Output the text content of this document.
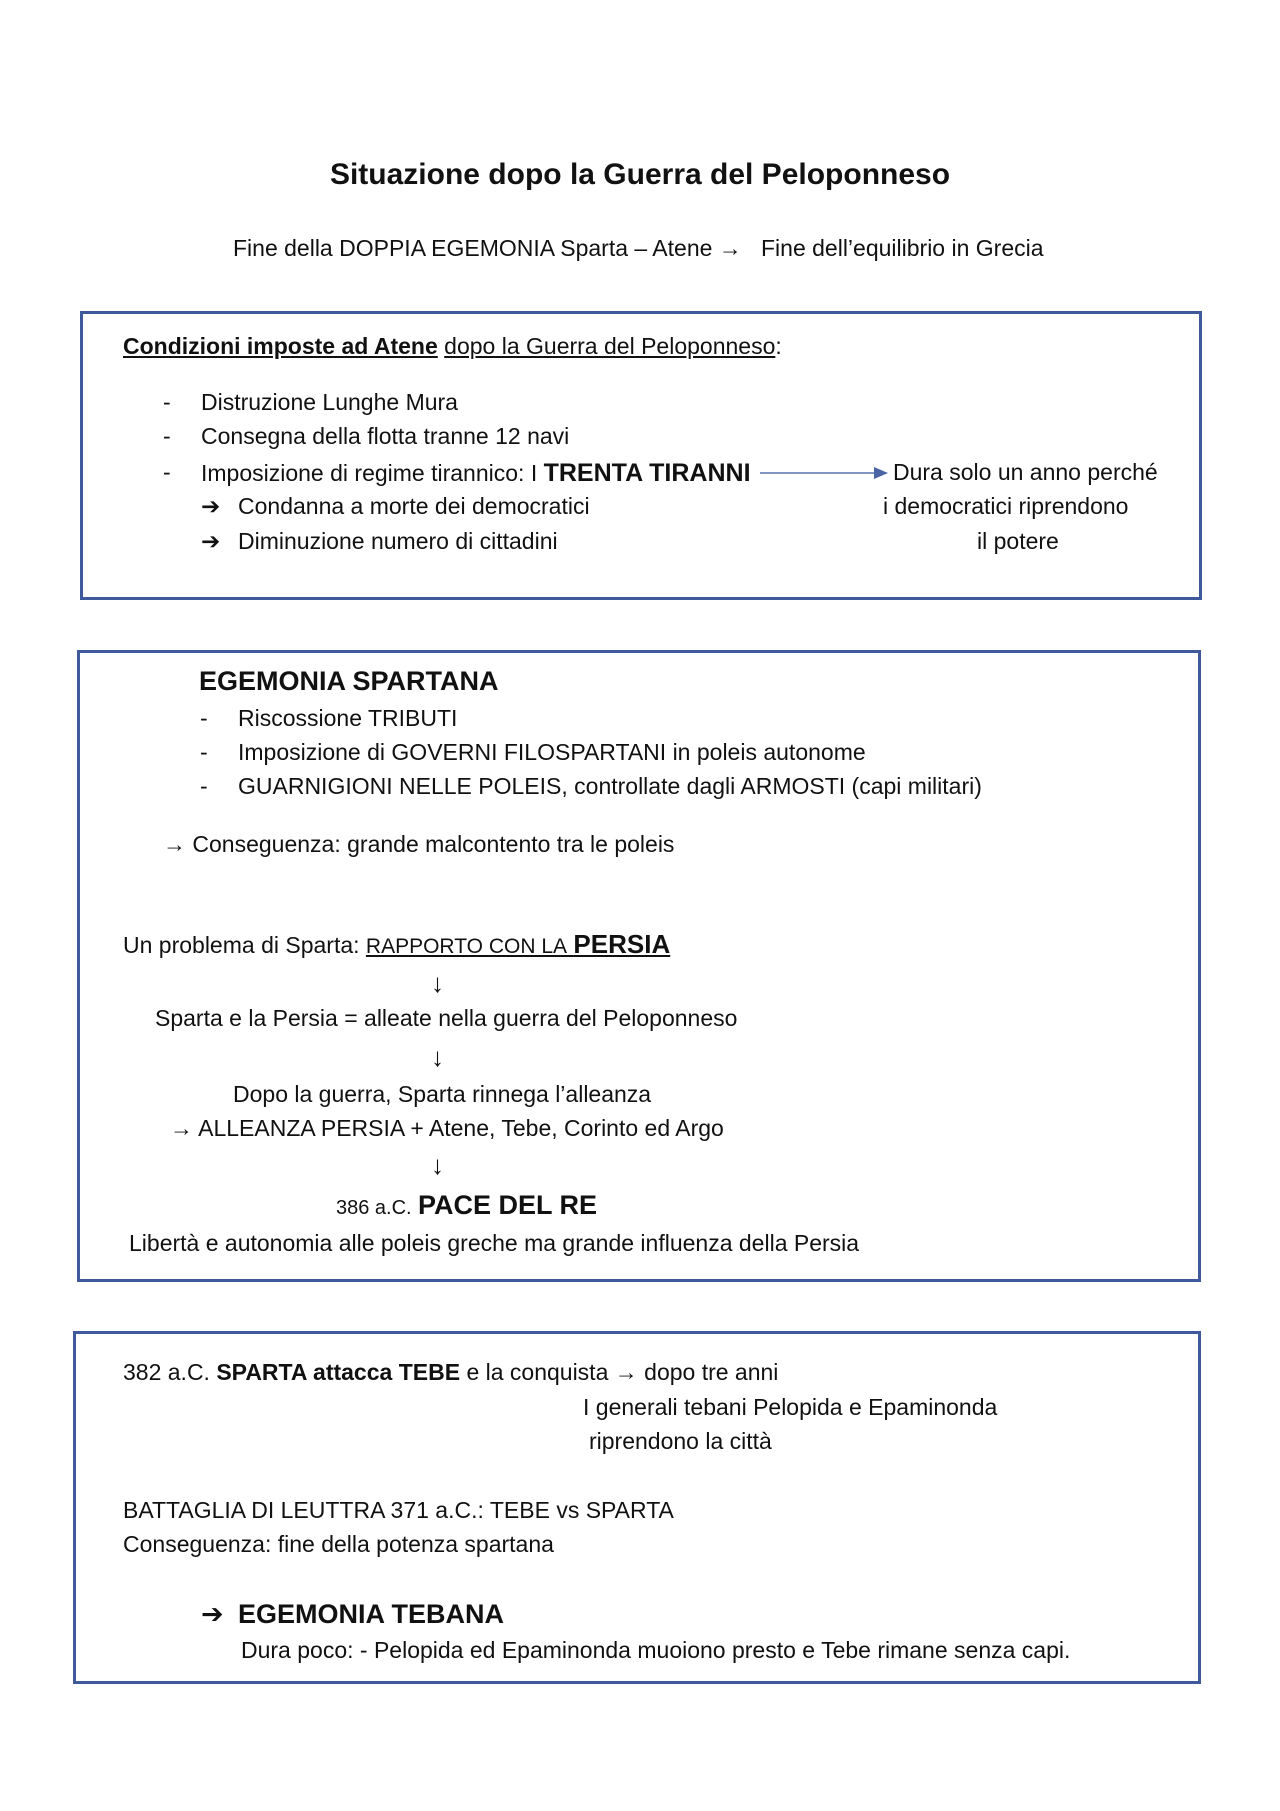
Situazione dopo la Guerra del Peloponneso
Fine della DOPPIA EGEMONIA Sparta – Atene → Fine dell’equilibrio in Grecia
Condizioni imposte ad Atene dopo la Guerra del Peloponneso:
- Distruzione Lunghe Mura
- Consegna della flotta tranne 12 navi
- Imposizione di regime tirannico: I TRENTA TIRANNI	Dura solo un anno perché
i democratici riprendono
il potere
➔ Condanna a morte dei democratici
➔ Diminuzione numero di cittadini
EGEMONIA SPARTANA
- Riscossione TRIBUTI
- Imposizione di GOVERNI FILOSPARTANI in poleis autonome
- GUARNIGIONI NELLE POLEIS, controllate dagli ARMOSTI (capi militari)
→ Conseguenza: grande malcontento tra le poleis
Un problema di Sparta: RAPPORTO CON LA PERSIA
↓
Sparta e la Persia = alleate nella guerra del Peloponneso
↓
Dopo la guerra, Sparta rinnega l’alleanza
→ ALLEANZA PERSIA + Atene, Tebe, Corinto ed Argo
↓
386 a.C. PACE DEL RE
Libertà e autonomia alle poleis greche ma grande influenza della Persia
382 a.C. SPARTA attacca TEBE e la conquista → dopo tre anni
I generali tebani Pelopida e Epaminonda
riprendono la città
BATTAGLIA DI LEUTTRA 371 a.C.: TEBE vs SPARTA
Conseguenza: fine della potenza spartana
➔ EGEMONIA TEBANA
Dura poco: - Pelopida ed Epaminonda muoiono presto e Tebe rimane senza capi.
